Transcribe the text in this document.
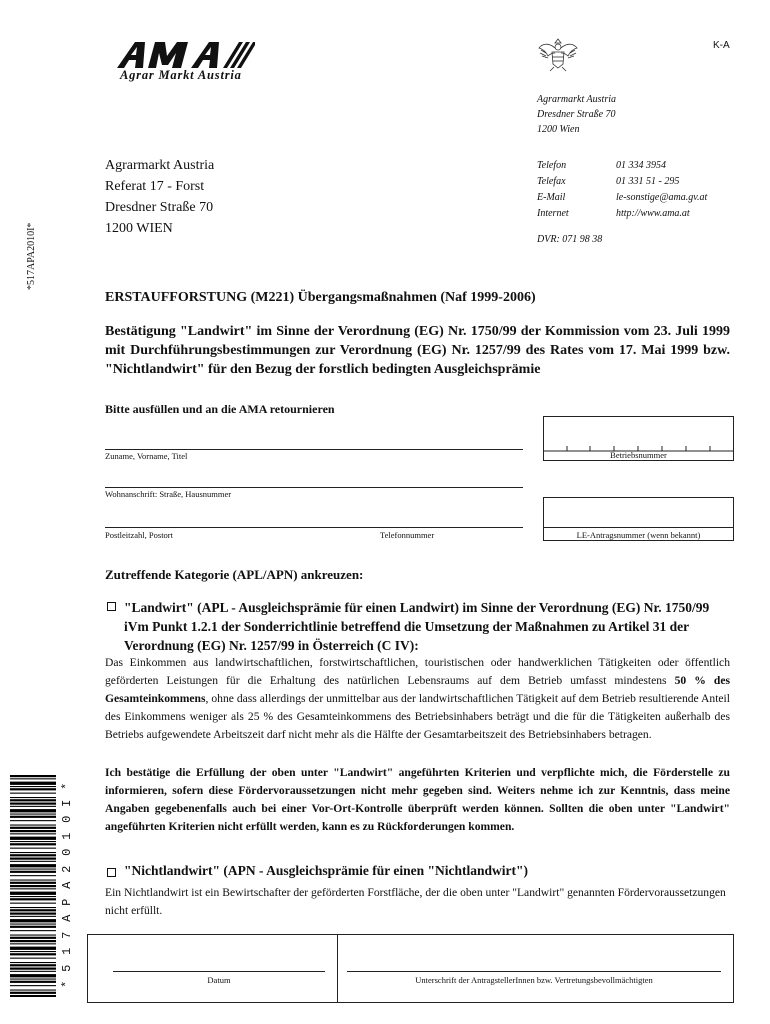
Agrar Markt Austria
K-A
Agrarmarkt Austria
Dresdner Straße 70
1200 Wien
Agrarmarkt Austria
Referat 17 - Forst
Dresdner Straße 70
1200 WIEN
Telefon	01 334 3954
Telefax	01 331 51 - 295
E-Mail	le-sonstige@ama.gv.at
Internet	http://www.ama.at
DVR: 071 98 38
*517APA2010I*
ERSTAUFFORSTUNG (M221) Übergangsmaßnahmen (Naf 1999-2006)
Bestätigung "Landwirt" im Sinne der Verordnung (EG) Nr. 1750/99 der Kommission vom 23. Juli 1999 mit Durchführungsbestimmungen zur Verordnung (EG) Nr. 1257/99 des Rates vom 17. Mai 1999 bzw. "Nichtlandwirt" für den Bezug der forstlich bedingten Ausgleichsprämie
Bitte ausfüllen und an die AMA retournieren
Zuname, Vorname, Titel	Betriebsnummer
Wohnanschrift: Straße, Hausnummer
Postleitzahl, Postort	Telefonnummer	LE-Antragsnummer (wenn bekannt)
Zutreffende Kategorie (APL/APN) ankreuzen:
"Landwirt" (APL - Ausgleichsprämie für einen Landwirt) im Sinne der Verordnung (EG) Nr. 1750/99 iVm Punkt 1.2.1 der Sonderrichtlinie betreffend die Umsetzung der Maßnahmen zu Artikel 31 der Verordnung (EG) Nr. 1257/99 in Österreich (C IV):
Das Einkommen aus landwirtschaftlichen, forstwirtschaftlichen, touristischen oder handwerklichen Tätigkeiten oder öffentlich geförderten Leistungen für die Erhaltung des natürlichen Lebensraums auf dem Betrieb umfasst mindestens 50 % des Gesamteinkommens, ohne dass allerdings der unmittelbar aus der landwirtschaftlichen Tätigkeit auf dem Betrieb resultierende Anteil des Einkommens weniger als 25 % des Gesamteinkommens des Betriebsinhabers beträgt und die für die Tätigkeiten außerhalb des Betriebs aufgewendete Arbeitszeit darf nicht mehr als die Hälfte der Gesamtarbeitszeit des Betriebsinhabers betragen.
Ich bestätige die Erfüllung der oben unter "Landwirt" angeführten Kriterien und verpflichte mich, die Förderstelle zu informieren, sofern diese Fördervoraussetzungen nicht mehr gegeben sind. Weiters nehme ich zur Kenntnis, dass meine Angaben gegebenenfalls auch bei einer Vor-Ort-Kontrolle überprüft werden können. Sollten die oben unter "Landwirt" angeführten Kriterien nicht erfüllt werden, kann es zu Rückforderungen kommen.
"Nichtlandwirt" (APN - Ausgleichsprämie für einen "Nichtlandwirt")
Ein Nichtlandwirt ist ein Bewirtschafter der geförderten Forstfläche, der die oben unter "Landwirt" genannten Fördervoraussetzungen nicht erfüllt.
Datum	Unterschrift der AntragstellerInnen bzw. Vertretungsbevollmächtigten
*
I
0
1
0
2
A
P
A
7
1
5
*
